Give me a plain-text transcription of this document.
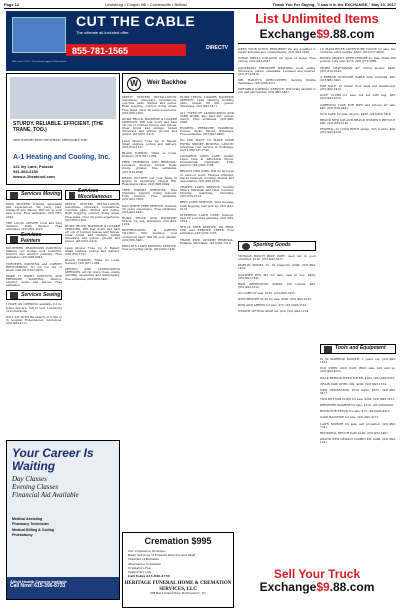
Page 12	Lewisburg • Chapel Hill • Cornersville • Belfast	Thank You For Saying, "I saw it in the EXCHANGE," May 10, 2017
CUT THE CABLE
The ultimate all-included offer.
855-781-1565	DIRECTV
Offer ends 7/31/17. Restrictions apply. Call for details.
STURDY. RELIABLE. EFFICIENT. (THE TRANE, TOO.)
SEER COMFORT FROM THE STRONG, DEPENDABLE TYPE.
A-1 Heating and Cooling, Inc.
121 Ivy Lane, Pulaski
931-363-4150
www.a-1heatcool.com
W	Weir Backhoe
Services Moving

EASY MOVERS: friendly, affordable and experienced. We pack, load, transport and unload. Will set up your new home. Free estimates. (931)787-2343.

THE LOCAL MOVER: local and long distance. Fully insured. Free estimates. (931)801-4525.

Services Painters

SOUTHERN TRADITIONS PAINTING: Making our homes look beautiful. Interior and exterior painting. Free estimates. (931)993-8845.

TURNER'S PAINTING and CARPET REFINISHING: No job too big or small. Call (931)422-0479.

MAKE IT RIGHT PAINTING AND PRESSURE WASHING: Interior, exterior, decks and fences. Free estimates.

Services Sewing

I HAVE AN OPENING available for in-home daycare, call or text. Lewisburg or Cornersville.

WILL SIT WITH the elderly, in home or in hospital. Experienced, references. (931)993-4711.

Services Miscellaneous

SEPTIC SYSTEM INSTALLATION, waterlines, driveways, foundations, concrete pads, ditches and patios. Bush hogging, outdoor living areas. Free plans. Over 30 years experience. (931)580-1209.

DUMP TRUCK, BACKHOE & LOADER SERVICES. Will tear down and haul off old or burned houses and fences. Clear brush and stumps. Install driveways and gravel, ground and gravel. (931)651-5416.

Lawn Mower Tune Up & Repair: Small engines, pickup and delivery. (931)350-2121.

BLACK TOPSOIL: Tilled, no rocks. Delivery. (931)637-1284.

SEWING AND LANDSCAPING SERVICES, all cut down trees, stump grinding, excavating and landscaping, free estimates. (931)580-5481.

SEPTIC SYSTEM INSTALLATION, waterlines, driveways, foundations, concrete pads, ditches and patios. Bush hogging, outdoor living areas. Free plans. Over 30 years experience. (931)580-1209.

DUMP TRUCK, BACKHOE & LOADER SERVICES. Will tear down and haul off old or burned houses and fences. Clear brush and stumps. Install driveways and gravel, ground and gravel. (931)651-5416.

Lawn Mower Tune Up & Repair: Small engines, pickup and delivery. (931)350-2121.

BLACK TOPSOIL: Tilled, no rocks. Delivery. (931)637-1284.

TREE TRIMMING AND REMOVAL: Licensed, insured, bucket truck, stump grinder, free estimates. (931)544-9648.

GRASS CUTTER! Get your home in Spring in Lewisburg, Chapel Hill. Reasonable rates. (931)698-0094.

TREE EXPERT SERVICES: Tree trimming, topping, stump removal. Fully insured. Free estimates. (931)205-7654.

DAN WHITE TREE SERVICE: Insured, 30 years experience. Free estimates. (615)403-4441.

DUMP TRUCK AND BACKHOE: Gravel, top soil, driveways. (931)422-1254.

BUSHHOGGING & GARDEN TILLING: Will bushhog your overgrown land. Will till your garden. (931)580-5481.

PHILLIP'S LAWN MOWING SERVICE: Now accepting yards. (931)993-7448.

DUMP TRUCK, LOADER, BACKHOE SERVICE: Land clearing, building pads, topsoil, fill dirt, gravel, driveways. (931)993-5471.

ALL TYPES OF LANDSCAPING AND YARD WORK, also haul dirt, gravel, mulch. Free estimates. (931)996-2598.

HUGHES PRESSURE WASHING: houses, decks, fences, driveways. Free estimates. (931)993-9465.

DO YOU WANT TO MAKE SOME EXTRA MONEY MOWING LAWNS? Advertise your service in Exchange. Call 1-800-247-7746.

LOCKARDS LAWN CARE, Quality Lawn Care at Affordable Prices. Professional equipment. Fully insured. (931)993-1104.

BRIAN'S ODD JOBS: Will do all types of outdoor work. Hedges trimmed, leaves removed, mowing. Honest and dependable. (931)993-8210.

TRAPP'S LAWN SERVICE: Serving Maury, Marshall, and Giles Counties. Mowing, mulching, trimming. (931)359-2514.

BRIN LAWN SERVICE: Yard mowing, bush hogging, leaf pick up. (931)422-6110.

STEPHENS LAWN CARE: Insured. Call for your free estimate. (931)359-1554.

STILLS TREE SERVICE. We TRIM, TOP, and REMOVE TREES. Free estimates. (931)270-1233.

TRASH PICK UP/YARD REMOVAL. Reliable, affordable. (931)993-7410.

Your Career Is Waiting
Day Classes
Evening Classes
Financial Aid Available
Medical Assisting
Pharmacy Technician
Medical Billing & Coding
Phlebotomy
Allied Health Careers Institute
Call Now! 615-396-8733
Cremation $995
Our Cremation Includes:
Basic Services of Funeral Director and Staff
Transfer of Remains
Alternative Container
Crematory Fee
Temporary Urn
Call Today 615-840-4739
HERITAGE FUNERAL HOME & CREMATION SERVICES, LLC
688 Ben Lomand Pkwy, Murfreesboro, TN
List Unlimited Items
Exchange$9.88.com

NEED YOUR STOCK REPAIRED? We are qualified to repair antiques and consignments. (931)993-2240.

SCRAP METAL CLEANUP, all types of metal. Free pickup. (931)491-0547.

AQUABLAST PRESSURE WASHING: roofs, siding, driveways, patios, sidewalks. Licensed and insured. (931)374-0418.

MR. BAILEY'S UPHOLSTERY: Serving Middle Tennessee. (931)993-3371.

PORTABLE SAWMILL SERVICE: Will bring sawmill to you and saw lumber. (931)993-5487.

Sporting Goods

VINTAGE BOSCH BIKE PORT, used but in good condition. $145. (931)993-5477.

MARLIN MODEL 25, 22 magnum. $200. (931)993-1415.

WALTHER PPS M2 for sale, new in box. $450. (931)993-7641.

B&W ARMINGTON AMMO, 100 rounds. $85. (931)993-5512.

GO-CART for sale. $150. (931)993-7455.

WINCHESTER 30-30 for sale. $300. (931)993-4126.

BOW AND ARROW for sale. $75. (931)993-5541.

WEIGHT LIFTING GEAR set. $50. (931)993-1154.

15' MASS RIVER ADVENTURE CANOE for sale, two cushions, extra paddle. $300. (931)527-4826.

BANKS GRAVITY DEER FEEDER for sale. Holds 300 pounds. Like new. $175. (931)273-2090.

SEARS CRAFTSMAN 42" riding mower. $450. (931)359-6142.

4 PERSON OUTDOOR TABLE with umbrella. $80. (615)982-6401.

FOR SALE: 18 rubber floor mats and lawnmower. (931)492-5418.

GOLF CLUBS for sale, full set with bag. $65. (931)993-6152.

CARRYING CASE FOR BOW and arrows for sale. $40. (931)359-4481.

GUN SAFE for sale, 24 gun. $450. (931)993-7418.

BRAND NEW UPLAND BRAND WOMEN'S BICYCLE. $60. (931)359-5142.

FEDERAL 22 LONG RIFLE ammo, 525 rounds. $50. (931)993-4128.

Tools and Equipment

IS 32 WARRIOR MOWER, 2 years old. (931)993-1812.

OLD STEEL AND CAST IRON sale. $25 and up. (931)993-4012.

WALK BEHIND WEED EATER. $100. (931)993-6541.

CHAIN SAW, STIHL 290. $200. (931)993-1154.

NEW GENERATOR, 8750 watts. $575. (931)993-5417.

TWO BOTTOM PLOW for sale. $250. (931)993-7451.

PRESSURE WASHER for sale. $150. (931)993-6641.

BOOM FOR TRUCK for sale. $75. (931)993-4412.

CASE BACKHOE for sale. (931)993-4715.

LAWN MOWER for sale, self propelled. (931)993-7741.

ROCKWELL BENCH SAW. $100. (931)993-5481.

GRAND NEW DEWALT COMBO KIT. $400. (931)993-1241.

Sell Your Truck
Exchange$9.88.com
